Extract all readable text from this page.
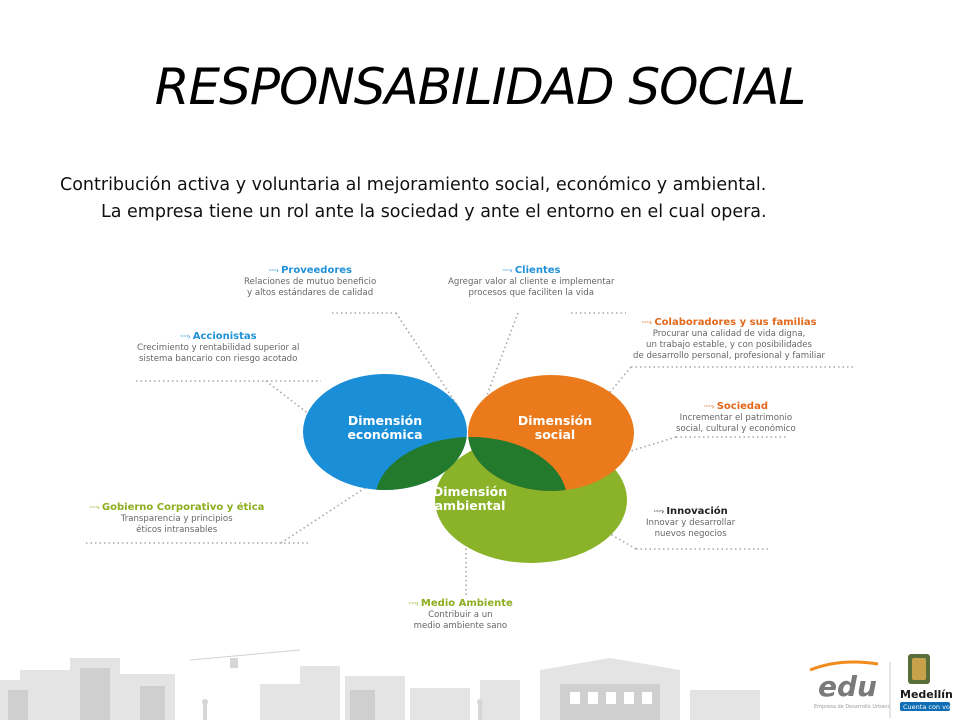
RESPONSABILIDAD SOCIAL
Contribución activa y voluntaria al mejoramiento social, económico y ambiental.
La empresa tiene un rol ante la sociedad y ante el entorno en el cual opera.
Dimensión
económica
Dimensión
social
Dimensión
ambiental
·····› Proveedores
Relaciones de mutuo beneficio
y altos estándares de calidad
·····› Clientes
Agregar valor al cliente e implementar
procesos que faciliten la vida
·····› Accionistas
Crecimiento y rentabilidad superior al
sistema bancario con riesgo acotado
·····› Colaboradores y sus familias
Procurar una calidad de vida digna,
un trabajo estable, y con posibilidades
de desarrollo personal, profesional y familiar
·····› Sociedad
Incrementar el patrimonio
social, cultural y económico
·····› Gobierno Corporativo y ética
Transparencia y principios
éticos intransables
·····› Innovación
Innovar y desarrollar
nuevos negocios
·····› Medio Ambiente
Contribuir a un
medio ambiente sano
edu
Empresa de Desarrollo Urbano
Medellín
Cuenta con vos
